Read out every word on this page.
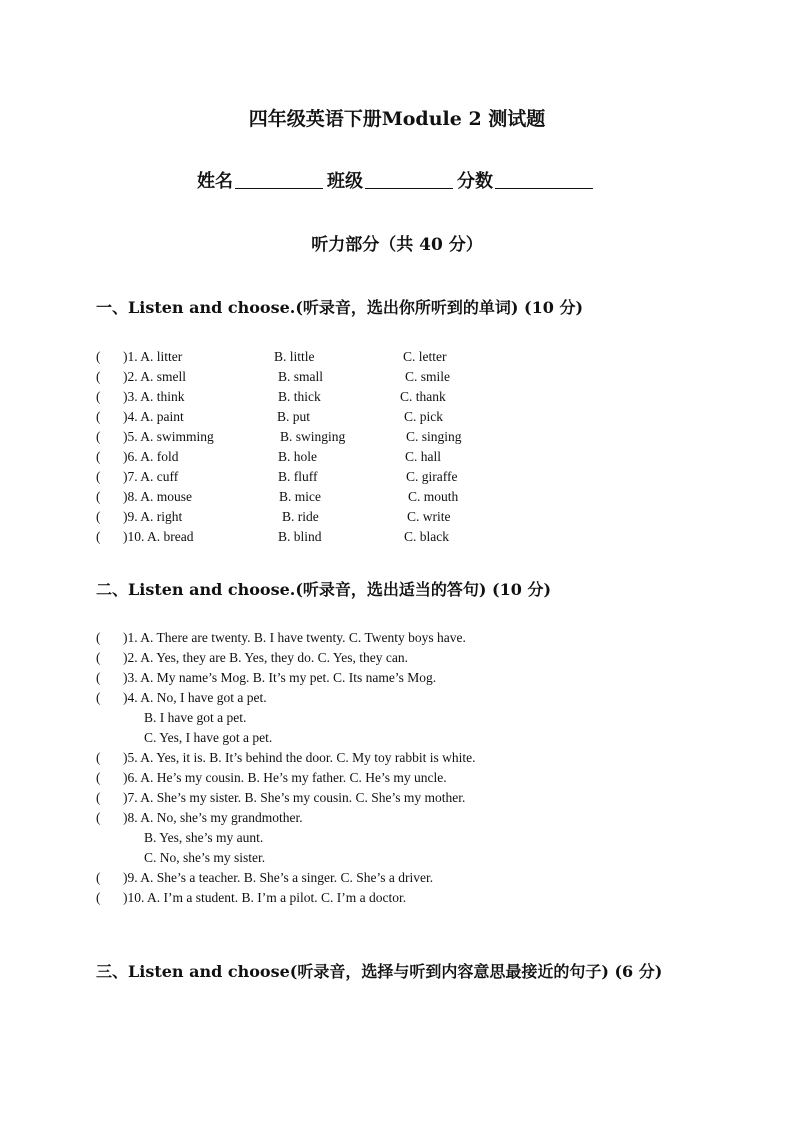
四年级英语下册Module 2 测试题
姓名	班级	分数
听力部分（共 40 分）
一、Listen and choose.(听录音，选出你所听到的单词) (10 分)
( )1. A. litter	B. little	C. letter
( )2. A. smell	B. small	C. smile
( )3. A. think	B. thick	C. thank
( )4. A. paint	B. put	C. pick
( )5. A. swimming	B. swinging	C. singing
( )6. A. fold	B. hole	C. hall
( )7. A. cuff	B. fluff	C. giraffe
( )8. A. mouse	B. mice	C. mouth
( )9. A. right	B. ride	C. write
( )10. A. bread	B. blind	C. black
二、Listen and choose.(听录音，选出适当的答句) (10 分)
( )1. A. There are twenty. B. I have twenty. C. Twenty boys have.
( )2. A. Yes, they are B. Yes, they do. C. Yes, they can.
( )3. A. My name’s Mog. B. It’s my pet. C. Its name’s Mog.
( )4. A. No, I have got a pet.
B. I have got a pet.
C. Yes, I have got a pet.
( )5. A. Yes, it is. B. It’s behind the door. C. My toy rabbit is white.
( )6. A. He’s my cousin. B. He’s my father. C. He’s my uncle.
( )7. A. She’s my sister. B. She’s my cousin. C. She’s my mother.
( )8. A. No, she’s my grandmother.
B. Yes, she’s my aunt.
C. No, she’s my sister.
( )9. A. She’s a teacher. B. She’s a singer. C. She’s a driver.
( )10. A. I’m a student. B. I’m a pilot. C. I’m a doctor.
三、Listen and choose(听录音，选择与听到内容意思最接近的句子) (6 分)
